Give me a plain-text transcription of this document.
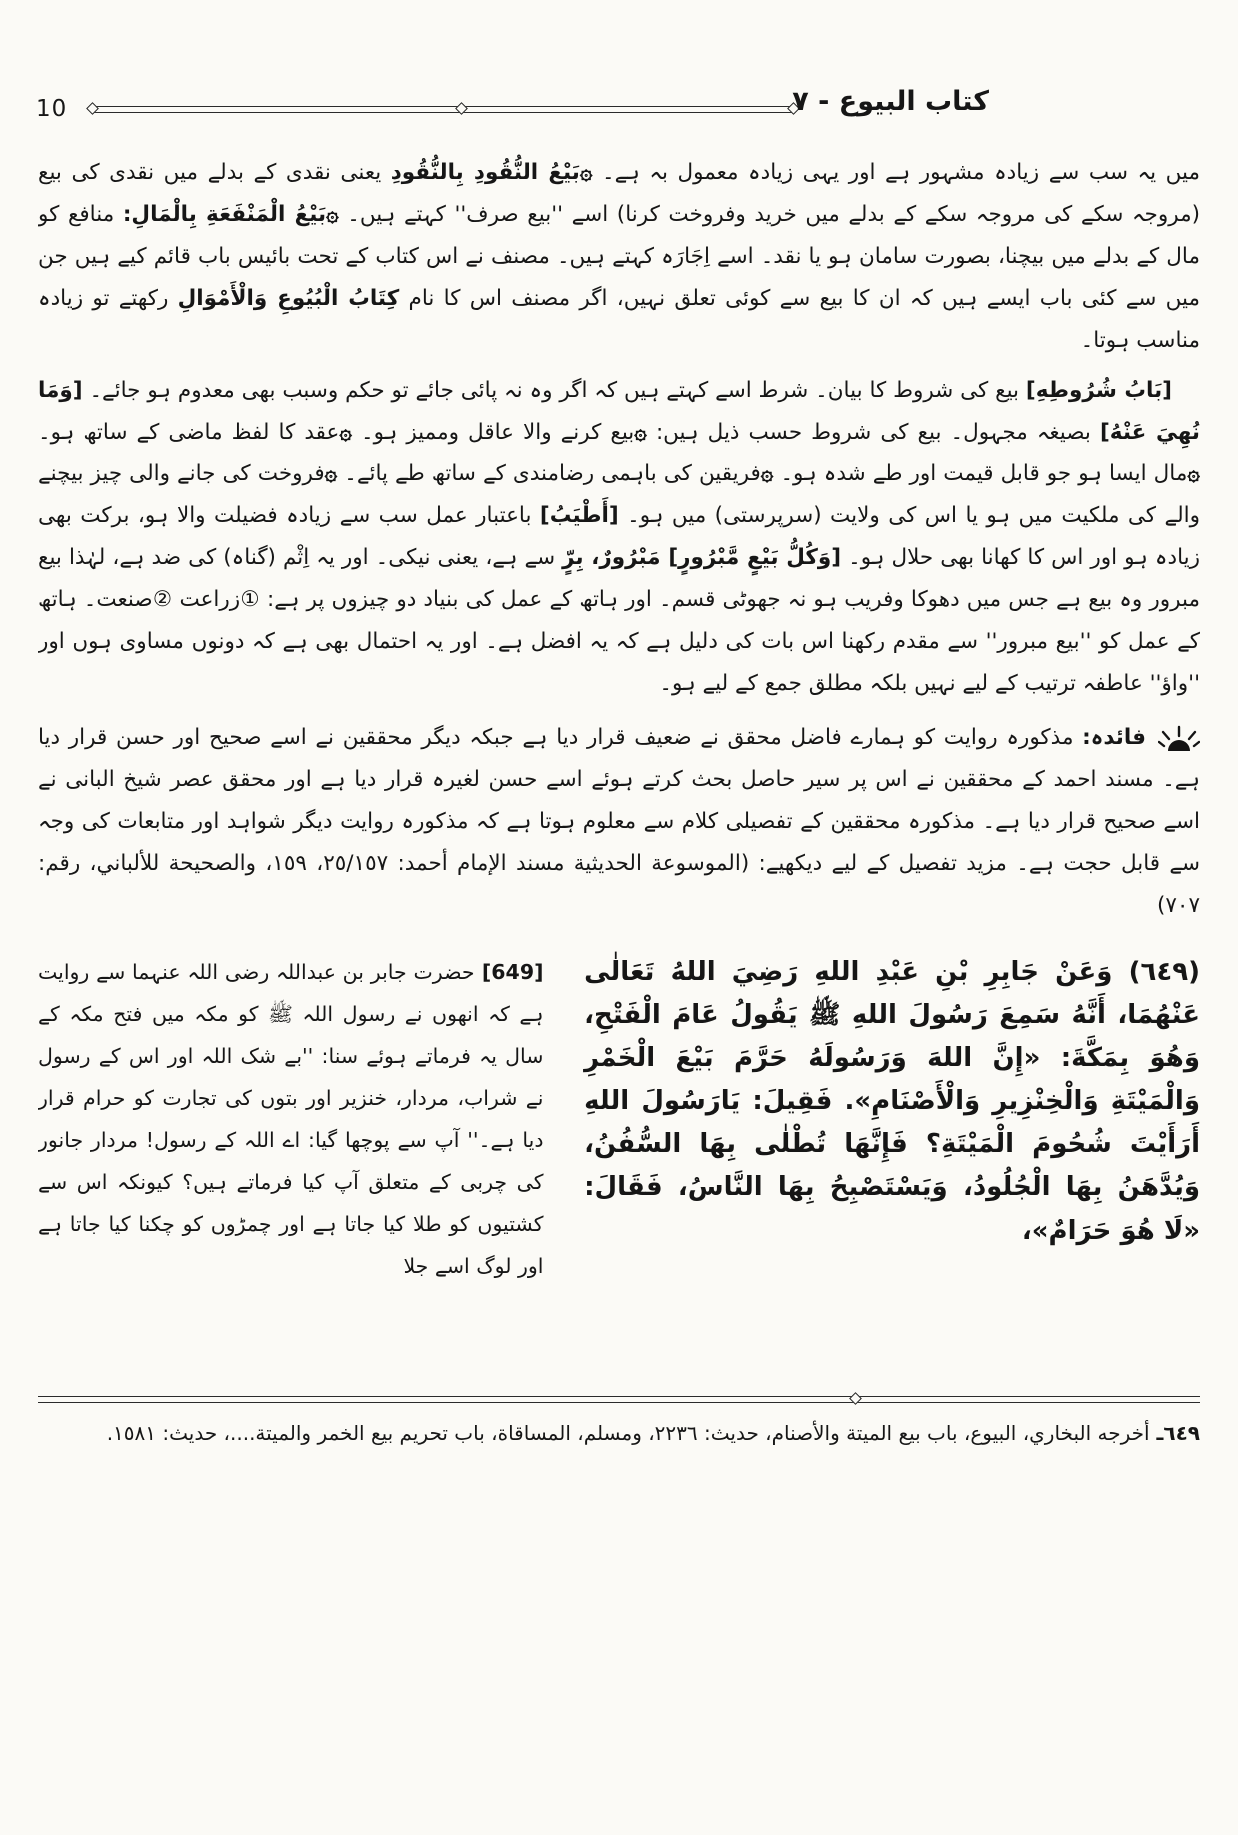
10	۷ - كتاب البيوع

میں یہ سب سے زیادہ مشہور ہے اور یہی زیادہ معمول بہ ہے۔ ۞بَيْعُ النُّقُودِ بِالنُّقُودِ یعنی نقدی کے بدلے میں نقدی کی بیع (مروجہ سکے کی مروجہ سکے کے بدلے میں خرید وفروخت کرنا) اسے ''بیع صرف'' کہتے ہیں۔ ۞بَيْعُ الْمَنْفَعَةِ بِالْمَالِ: منافع کو مال کے بدلے میں بیچنا، بصورت سامان ہو یا نقد۔ اسے اِجَارَہ کہتے ہیں۔ مصنف نے اس کتاب کے تحت بائیس باب قائم کیے ہیں جن میں سے کئی باب ایسے ہیں کہ ان کا بیع سے کوئی تعلق نہیں، اگر مصنف اس کا نام كِتَابُ الْبُيُوعِ وَالْأَمْوَالِ رکھتے تو زیادہ مناسب ہوتا۔

[بَابُ شُرُوطِهِ] بیع کی شروط کا بیان۔ شرط اسے کہتے ہیں کہ اگر وہ نہ پائی جائے تو حکم وسبب بھی معدوم ہو جائے۔ [وَمَا نُهِيَ عَنْهُ] بصیغہ مجہول۔ بیع کی شروط حسب ذیل ہیں: ۞بیع کرنے والا عاقل وممیز ہو۔ ۞عقد کا لفظ ماضی کے ساتھ ہو۔ ۞مال ایسا ہو جو قابل قیمت اور طے شدہ ہو۔ ۞فریقین کی باہمی رضامندی کے ساتھ طے پائے۔ ۞فروخت کی جانے والی چیز بیچنے والے کی ملکیت میں ہو یا اس کی ولایت (سرپرستی) میں ہو۔ [أَطْيَبُ] باعتبار عمل سب سے زیادہ فضیلت والا ہو، برکت بھی زیادہ ہو اور اس کا کھانا بھی حلال ہو۔ [وَكُلُّ بَيْعٍ مَّبْرُورٍ] مَبْرُورٌ، بِرٍّ سے ہے، یعنی نیکی۔ اور یہ اِثْم (گناہ) کی ضد ہے، لہٰذا بیع مبرور وہ بیع ہے جس میں دھوکا وفریب ہو نہ جھوٹی قسم۔ اور ہاتھ کے عمل کی بنیاد دو چیزوں پر ہے: ①زراعت ②صنعت۔ ہاتھ کے عمل کو ''بیع مبرور'' سے مقدم رکھنا اس بات کی دلیل ہے کہ یہ افضل ہے۔ اور یہ احتمال بھی ہے کہ دونوں مساوی ہوں اور ''واؤ'' عاطفہ ترتیب کے لیے نہیں بلکہ مطلق جمع کے لیے ہو۔

فائدہ: مذکورہ روایت کو ہمارے فاضل محقق نے ضعیف قرار دیا ہے جبکہ دیگر محققین نے اسے صحیح اور حسن قرار دیا ہے۔ مسند احمد کے محققین نے اس پر سیر حاصل بحث کرتے ہوئے اسے حسن لغیرہ قرار دیا ہے اور محقق عصر شیخ البانی نے اسے صحیح قرار دیا ہے۔ مذکورہ محققین کے تفصیلی کلام سے معلوم ہوتا ہے کہ مذکورہ روایت دیگر شواہد اور متابعات کی وجہ سے قابل حجت ہے۔ مزید تفصیل کے لیے دیکھیے: (الموسوعة الحديثية مسند الإمام أحمد: ٢٥/١٥٧، ١٥٩، والصحيحة للألباني، رقم: ٧٠٧)

(٦٤٩) وَعَنْ جَابِرِ بْنِ عَبْدِ اللهِ رَضِيَ اللهُ تَعَالٰى عَنْهُمَا، أَنَّهُ سَمِعَ رَسُولَ اللهِ ﷺ يَقُولُ عَامَ الْفَتْحِ، وَهُوَ بِمَكَّةَ: «إِنَّ اللهَ وَرَسُولَهُ حَرَّمَ بَيْعَ الْخَمْرِ وَالْمَيْتَةِ وَالْخِنْزِيرِ وَالْأَصْنَامِ». فَقِيلَ: يَارَسُولَ اللهِ أَرَأَيْتَ شُحُومَ الْمَيْتَةِ؟ فَإِنَّهَا تُطْلٰى بِهَا السُّفُنُ، وَيُدَّهَنُ بِهَا الْجُلُودُ، وَيَسْتَصْبِحُ بِهَا النَّاسُ، فَقَالَ: «لَا هُوَ حَرَامٌ»،
[649] حضرت جابر بن عبداللہ رضی اللہ عنہما سے روایت ہے کہ انھوں نے رسول اللہ ﷺ کو مکہ میں فتح مکہ کے سال یہ فرماتے ہوئے سنا: ''بے شک اللہ اور اس کے رسول نے شراب، مردار، خنزیر اور بتوں کی تجارت کو حرام قرار دیا ہے۔'' آپ سے پوچھا گیا: اے اللہ کے رسول! مردار جانور کی چربی کے متعلق آپ کیا فرماتے ہیں؟ کیونکہ اس سے کشتیوں کو طلا کیا جاتا ہے اور چمڑوں کو چکنا کیا جاتا ہے اور لوگ اسے جلا

٦٤٩ـ أخرجه البخاري، البيوع، باب بيع الميتة والأصنام، حديث: ٢٢٣٦، ومسلم، المساقاة، باب تحريم بيع الخمر والميتة....، حديث: ١٥٨١.
